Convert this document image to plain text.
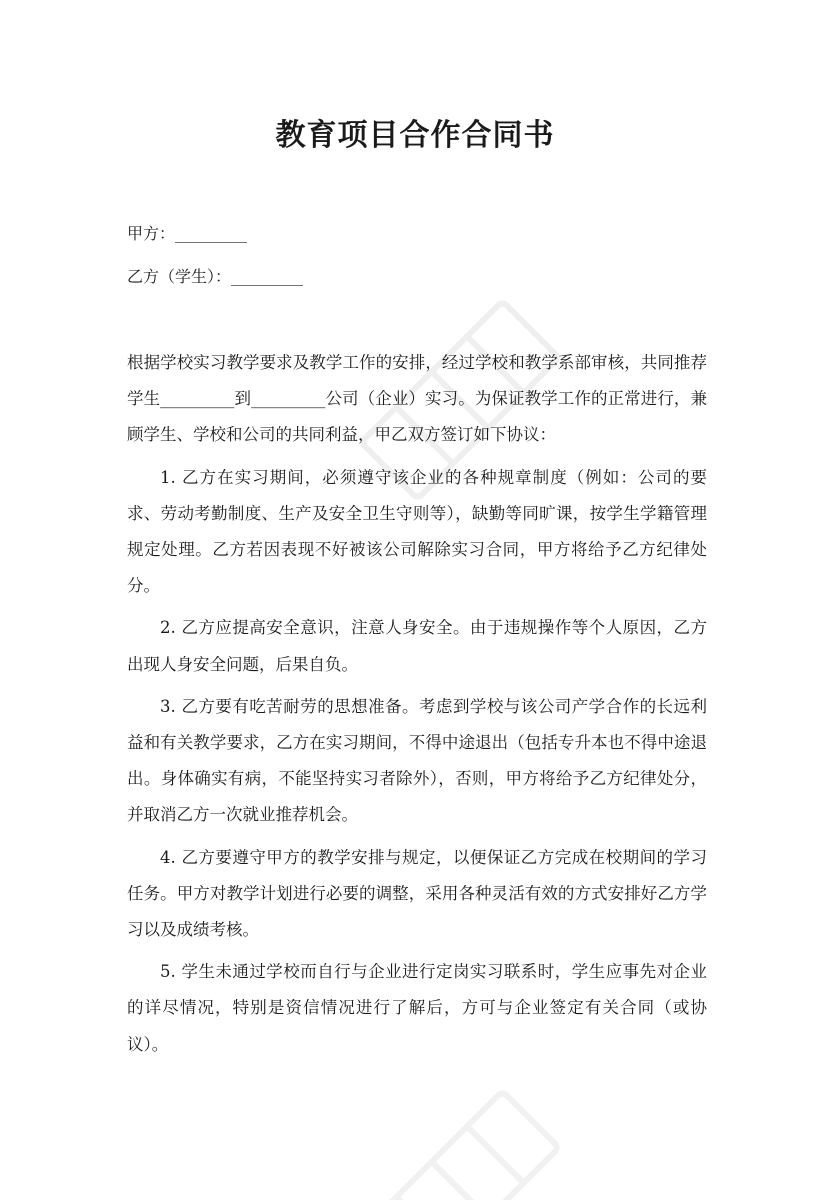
教育项目合作合同书
甲方：_________
乙方（学生）：_________

根据学校实习教学要求及教学工作的安排，经过学校和教学系部审核，共同推荐学生_________到_________公司（企业）实习。为保证教学工作的正常进行，兼顾学生、学校和公司的共同利益，甲乙双方签订如下协议：

1. 乙方在实习期间，必须遵守该企业的各种规章制度（例如：公司的要求、劳动考勤制度、生产及安全卫生守则等），缺勤等同旷课，按学生学籍管理规定处理。乙方若因表现不好被该公司解除实习合同，甲方将给予乙方纪律处分。

2. 乙方应提高安全意识，注意人身安全。由于违规操作等个人原因，乙方出现人身安全问题，后果自负。

3. 乙方要有吃苦耐劳的思想准备。考虑到学校与该公司产学合作的长远利益和有关教学要求，乙方在实习期间，不得中途退出（包括专升本也不得中途退出。身体确实有病，不能坚持实习者除外），否则，甲方将给予乙方纪律处分，并取消乙方一次就业推荐机会。

4. 乙方要遵守甲方的教学安排与规定，以便保证乙方完成在校期间的学习任务。甲方对教学计划进行必要的调整，采用各种灵活有效的方式安排好乙方学习以及成绩考核。

5. 学生未通过学校而自行与企业进行定岗实习联系时，学生应事先对企业的详尽情况，特别是资信情况进行了解后，方可与企业签定有关合同（或协议）。
